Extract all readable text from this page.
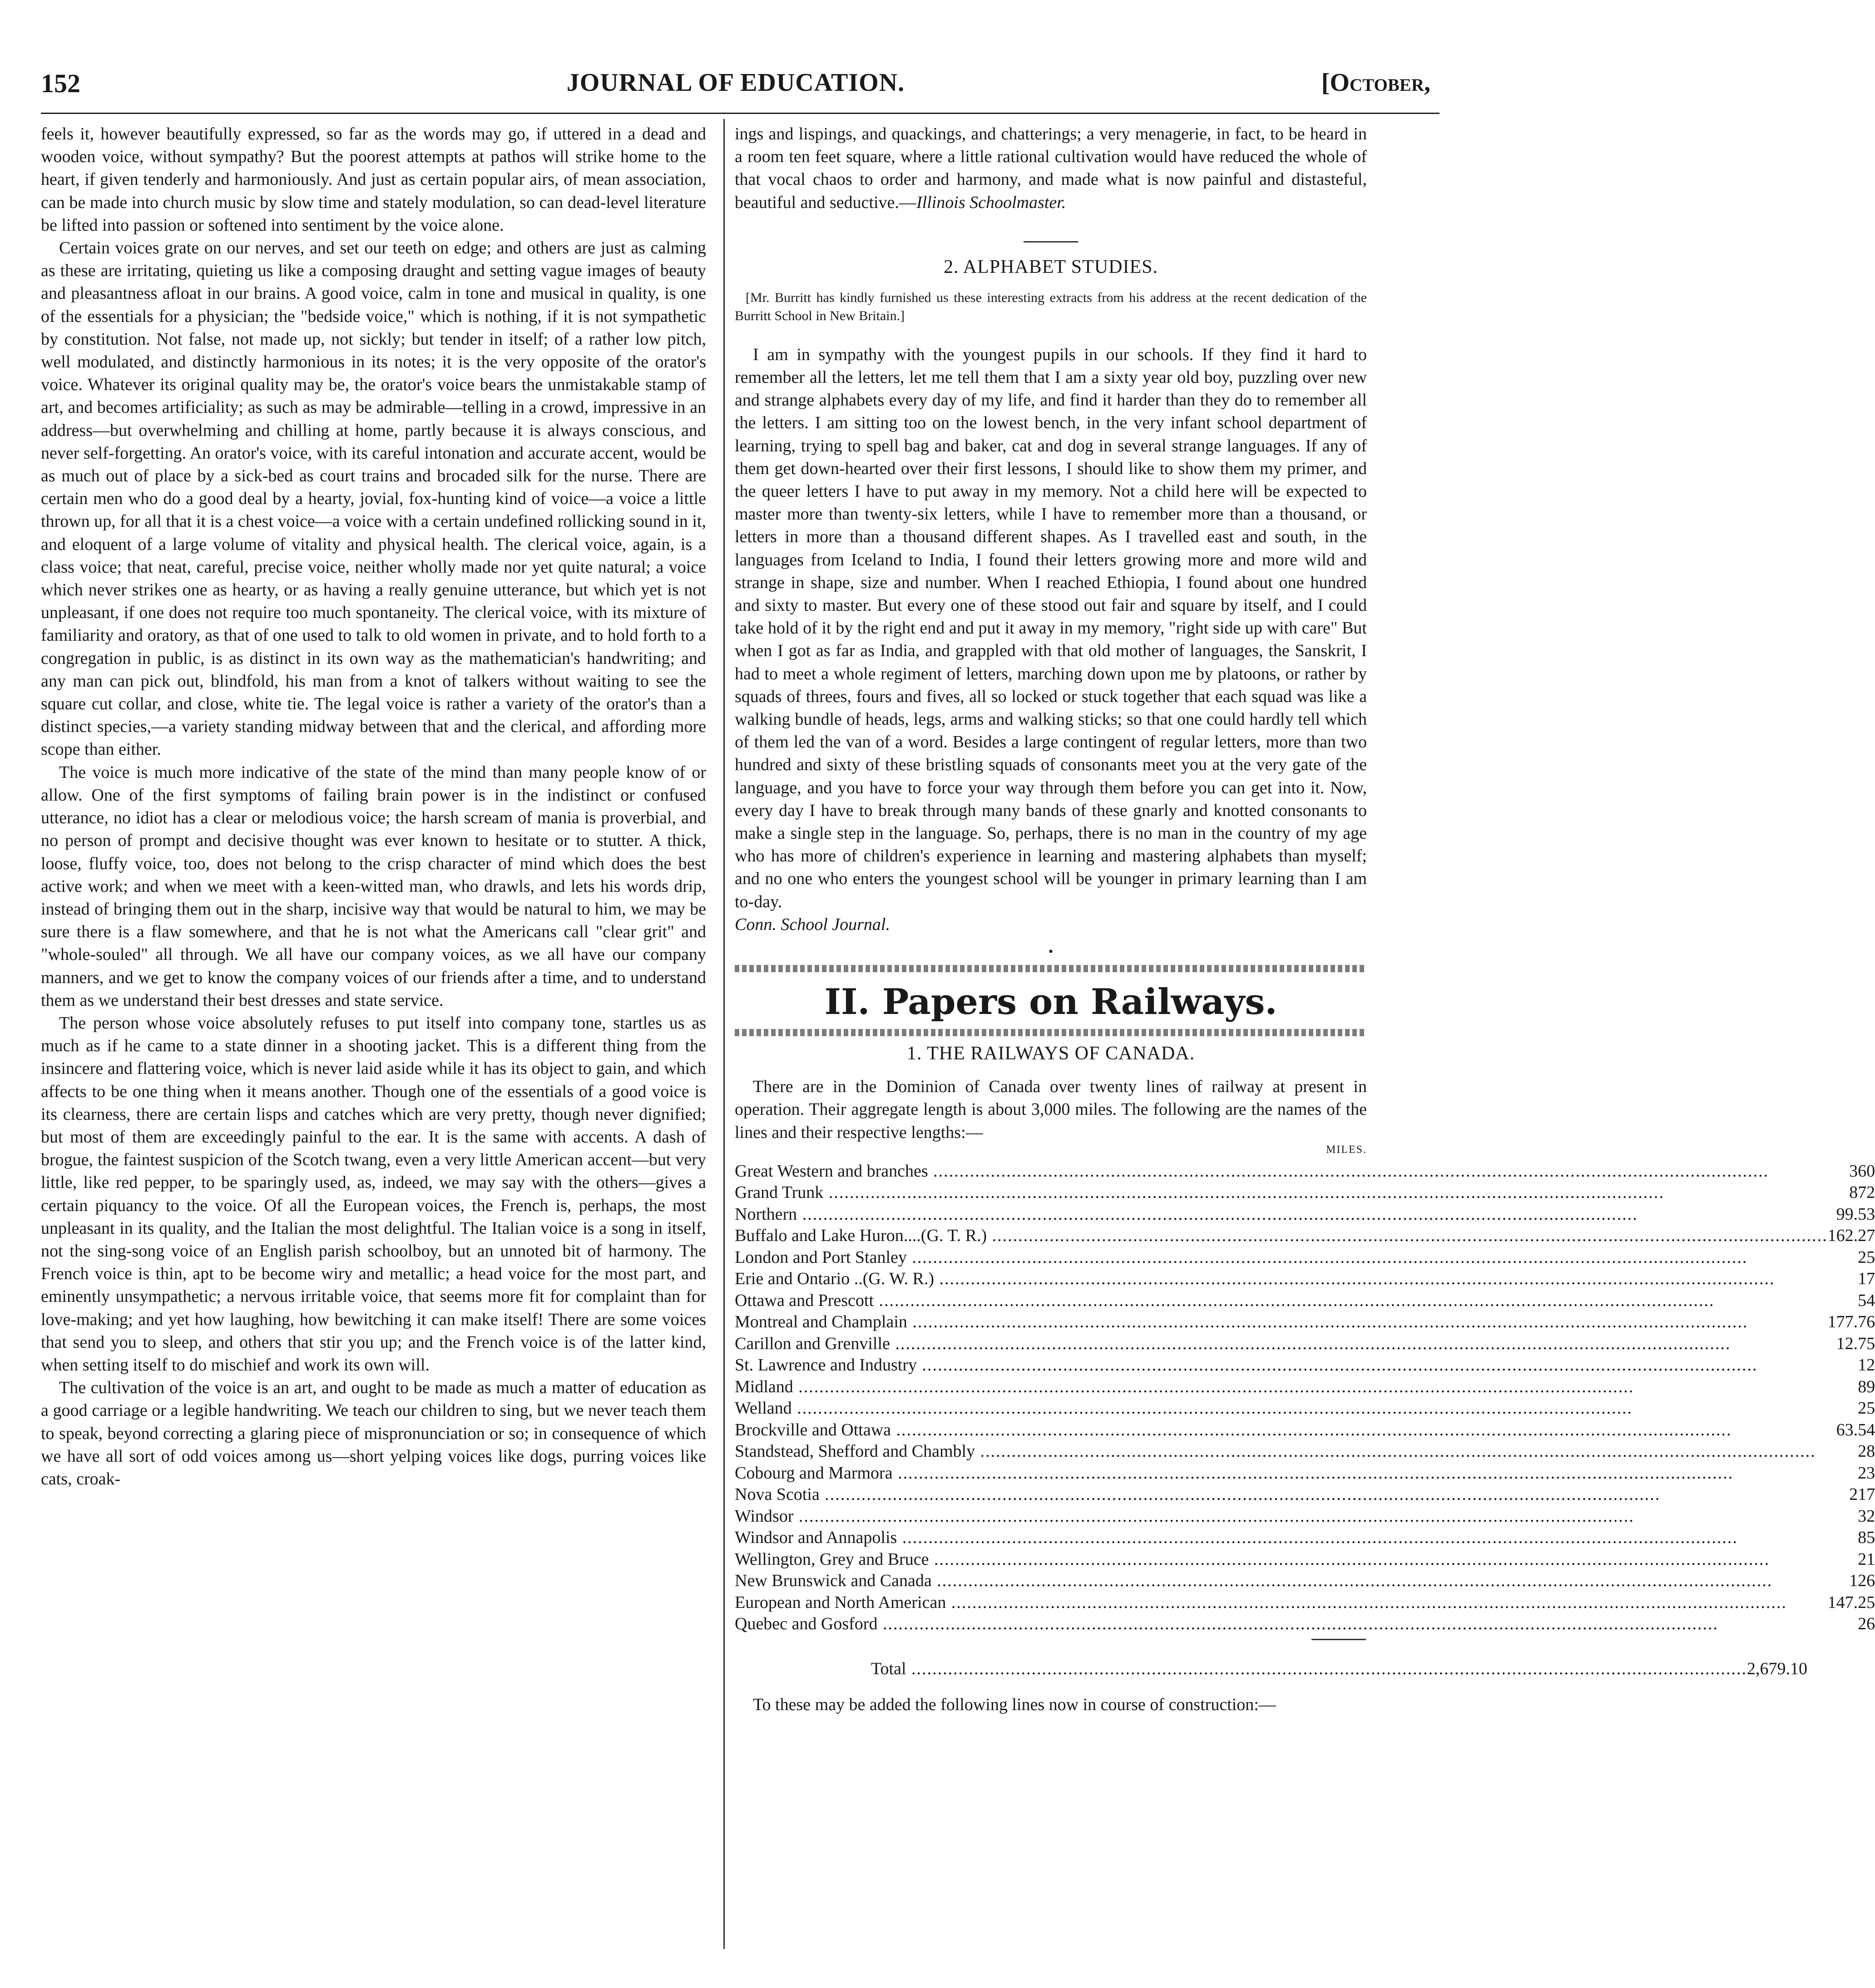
152	JOURNAL OF EDUCATION.	[October,

feels it, however beautifully expressed, so far as the words may go, if uttered in a dead and wooden voice, without sympathy? But the poorest attempts at pathos will strike home to the heart, if given tenderly and harmoniously. And just as certain popular airs, of mean association, can be made into church music by slow time and stately modulation, so can dead-level literature be lifted into passion or softened into sentiment by the voice alone.

Certain voices grate on our nerves, and set our teeth on edge; and others are just as calming as these are irritating, quieting us like a composing draught and setting vague images of beauty and pleasantness afloat in our brains. A good voice, calm in tone and musical in quality, is one of the essentials for a physician; the "bedside voice," which is nothing, if it is not sympathetic by constitution. Not false, not made up, not sickly; but tender in itself; of a rather low pitch, well modulated, and distinctly harmonious in its notes; it is the very opposite of the orator's voice. Whatever its original quality may be, the orator's voice bears the unmistakable stamp of art, and becomes artificiality; as such as may be admirable—telling in a crowd, impressive in an address—but overwhelming and chilling at home, partly because it is always conscious, and never self-forgetting. An orator's voice, with its careful intonation and accurate accent, would be as much out of place by a sick-bed as court trains and brocaded silk for the nurse. There are certain men who do a good deal by a hearty, jovial, fox-hunting kind of voice—a voice a little thrown up, for all that it is a chest voice—a voice with a certain undefined rollicking sound in it, and eloquent of a large volume of vitality and physical health. The clerical voice, again, is a class voice; that neat, careful, precise voice, neither wholly made nor yet quite natural; a voice which never strikes one as hearty, or as having a really genuine utterance, but which yet is not unpleasant, if one does not require too much spontaneity. The clerical voice, with its mixture of familiarity and oratory, as that of one used to talk to old women in private, and to hold forth to a congregation in public, is as distinct in its own way as the mathematician's handwriting; and any man can pick out, blindfold, his man from a knot of talkers without waiting to see the square cut collar, and close, white tie. The legal voice is rather a variety of the orator's than a distinct species,—a variety standing midway between that and the clerical, and affording more scope than either.

The voice is much more indicative of the state of the mind than many people know of or allow. One of the first symptoms of failing brain power is in the indistinct or confused utterance, no idiot has a clear or melodious voice; the harsh scream of mania is proverbial, and no person of prompt and decisive thought was ever known to hesitate or to stutter. A thick, loose, fluffy voice, too, does not belong to the crisp character of mind which does the best active work; and when we meet with a keen-witted man, who drawls, and lets his words drip, instead of bringing them out in the sharp, incisive way that would be natural to him, we may be sure there is a flaw somewhere, and that he is not what the Americans call "clear grit" and "whole-souled" all through. We all have our company voices, as we all have our company manners, and we get to know the company voices of our friends after a time, and to understand them as we understand their best dresses and state service.

The person whose voice absolutely refuses to put itself into company tone, startles us as much as if he came to a state dinner in a shooting jacket. This is a different thing from the insincere and flattering voice, which is never laid aside while it has its object to gain, and which affects to be one thing when it means another. Though one of the essentials of a good voice is its clearness, there are certain lisps and catches which are very pretty, though never dignified; but most of them are exceedingly painful to the ear. It is the same with accents. A dash of brogue, the faintest suspicion of the Scotch twang, even a very little American accent—but very little, like red pepper, to be sparingly used, as, indeed, we may say with the others—gives a certain piquancy to the voice. Of all the European voices, the French is, perhaps, the most unpleasant in its quality, and the Italian the most delightful. The Italian voice is a song in itself, not the sing-song voice of an English parish schoolboy, but an unnoted bit of harmony. The French voice is thin, apt to be become wiry and metallic; a head voice for the most part, and eminently unsympathetic; a nervous irritable voice, that seems more fit for complaint than for love-making; and yet how laughing, how bewitching it can make itself! There are some voices that send you to sleep, and others that stir you up; and the French voice is of the latter kind, when setting itself to do mischief and work its own will.

The cultivation of the voice is an art, and ought to be made as much a matter of education as a good carriage or a legible handwriting. We teach our children to sing, but we never teach them to speak, beyond correcting a glaring piece of mispronunciation or so; in consequence of which we have all sort of odd voices among us—short yelping voices like dogs, purring voices like cats, croak-

ings and lispings, and quackings, and chatterings; a very menagerie, in fact, to be heard in a room ten feet square, where a little rational cultivation would have reduced the whole of that vocal chaos to order and harmony, and made what is now painful and distasteful, beautiful and seductive.—Illinois Schoolmaster.

2. ALPHABET STUDIES.
[Mr. Burritt has kindly furnished us these interesting extracts from his address at the recent dedication of the Burritt School in New Britain.]

I am in sympathy with the youngest pupils in our schools. If they find it hard to remember all the letters, let me tell them that I am a sixty year old boy, puzzling over new and strange alphabets every day of my life, and find it harder than they do to remember all the letters. I am sitting too on the lowest bench, in the very infant school department of learning, trying to spell bag and baker, cat and dog in several strange languages. If any of them get down-hearted over their first lessons, I should like to show them my primer, and the queer letters I have to put away in my memory. Not a child here will be expected to master more than twenty-six letters, while I have to remember more than a thousand, or letters in more than a thousand different shapes. As I travelled east and south, in the languages from Iceland to India, I found their letters growing more and more wild and strange in shape, size and number. When I reached Ethiopia, I found about one hundred and sixty to master. But every one of these stood out fair and square by itself, and I could take hold of it by the right end and put it away in my memory, "right side up with care" But when I got as far as India, and grappled with that old mother of languages, the Sanskrit, I had to meet a whole regiment of letters, marching down upon me by platoons, or rather by squads of threes, fours and fives, all so locked or stuck together that each squad was like a walking bundle of heads, legs, arms and walking sticks; so that one could hardly tell which of them led the van of a word. Besides a large contingent of regular letters, more than two hundred and sixty of these bristling squads of consonants meet you at the very gate of the language, and you have to force your way through them before you can get into it. Now, every day I have to break through many bands of these gnarly and knotted consonants to make a single step in the language. So, perhaps, there is no man in the country of my age who has more of children's experience in learning and mastering alphabets than myself; and no one who enters the youngest school will be younger in primary learning than I am to-day.

Conn. School Journal.

•
II. Papers on Railways.
1. THE RAILWAYS OF CANADA.

There are in the Dominion of Canada over twenty lines of railway at present in operation. Their aggregate length is about 3,000 miles. The following are the names of the lines and their respective lengths:—

MILES.
Great Western and branches .....	360
Grand Trunk .....	872
Northern .....	99.53
Buffalo and Lake Huron....(G. T. R.) .....	162.27
London and Port Stanley .....	25
Erie and Ontario ..(G. W. R.) .....	17
Ottawa and Prescott .....	54
Montreal and Champlain .....	177.76
Carillon and Grenville .....	12.75
St. Lawrence and Industry .....	12
Midland .....	89
Welland .....	25
Brockville and Ottawa .....	63.54
Standstead, Shefford and Chambly .....	28
Cobourg and Marmora .....	23
Nova Scotia .....	217
Windsor .....	32
Windsor and Annapolis .....	85
Wellington, Grey and Bruce .....	21
New Brunswick and Canada .....	126
European and North American .....	147.25
Quebec and Gosford .....	26
Total .....	2,679.10

To these may be added the following lines now in course of construction:—
